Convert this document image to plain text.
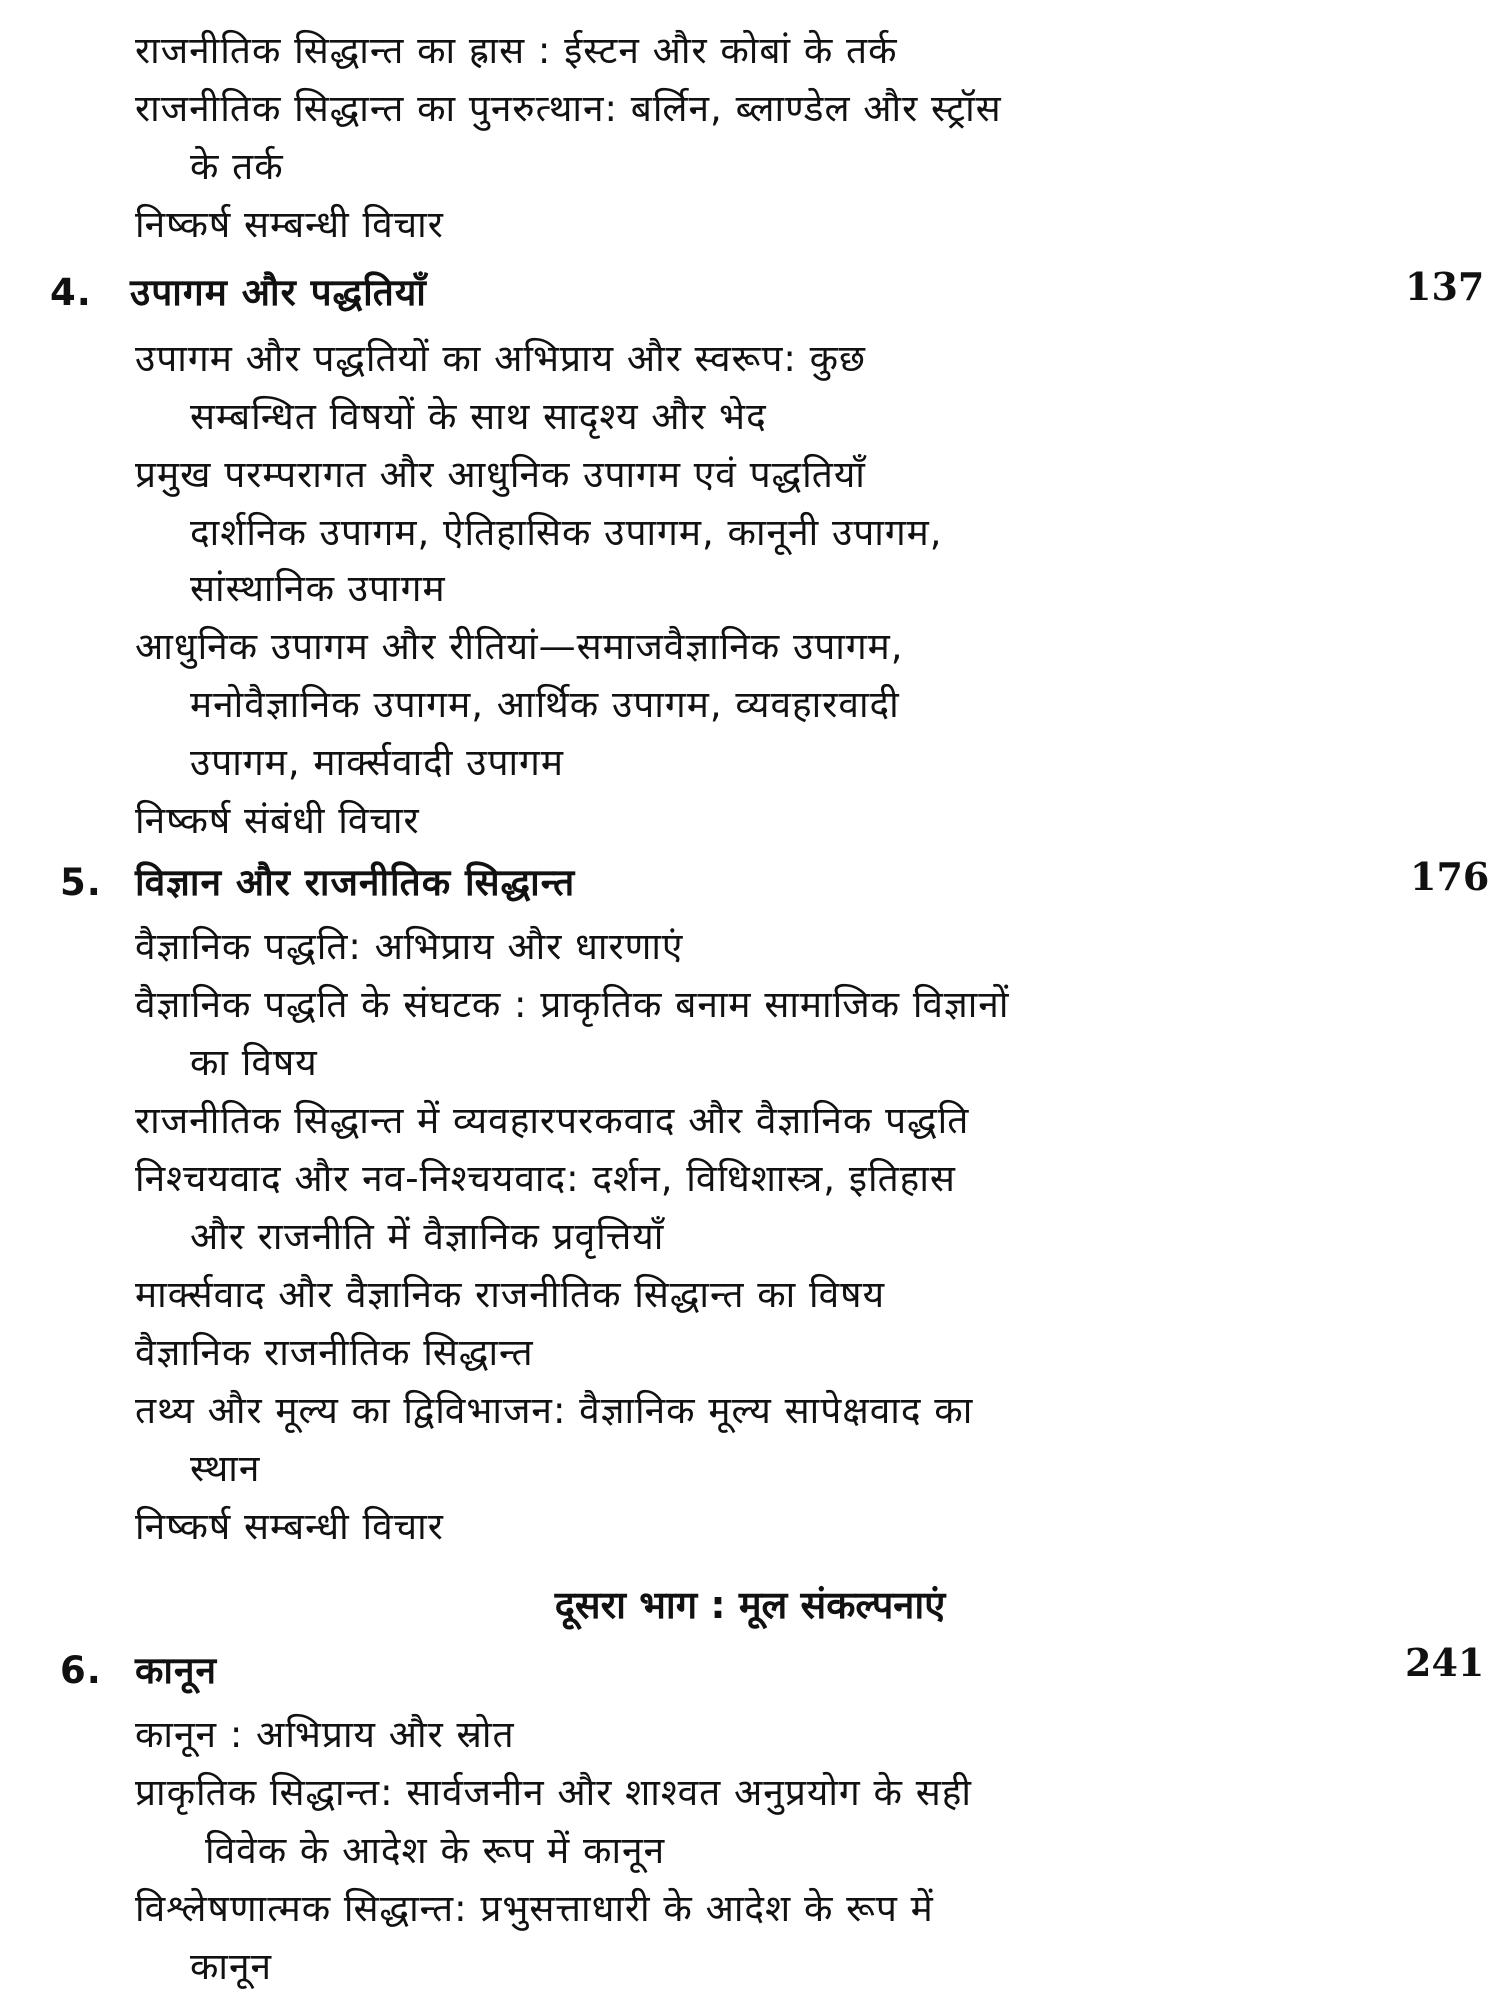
राजनीतिक सिद्धान्त का ह्रास : ईस्टन और कोबां के तर्क
राजनीतिक सिद्धान्त का पुनरुत्थान: बर्लिन, ब्लाण्डेल और स्ट्रॉस
के तर्क
निष्कर्ष सम्बन्धी विचार
4. उपागम और पद्धतियाँ	137
उपागम और पद्धतियों का अभिप्राय और स्वरूप: कुछ
सम्बन्धित विषयों के साथ सादृश्य और भेद
प्रमुख परम्परागत और आधुनिक उपागम एवं पद्धतियाँ
दार्शनिक उपागम, ऐतिहासिक उपागम, कानूनी उपागम,
सांस्थानिक उपागम
आधुनिक उपागम और रीतियां—समाजवैज्ञानिक उपागम,
मनोवैज्ञानिक उपागम, आर्थिक उपागम, व्यवहारवादी
उपागम, मार्क्सवादी उपागम
निष्कर्ष संबंधी विचार
5. विज्ञान और राजनीतिक सिद्धान्त	176
वैज्ञानिक पद्धति: अभिप्राय और धारणाएं
वैज्ञानिक पद्धति के संघटक : प्राकृतिक बनाम सामाजिक विज्ञानों
का विषय
राजनीतिक सिद्धान्त में व्यवहारपरकवाद और वैज्ञानिक पद्धति
निश्चयवाद और नव-निश्चयवाद: दर्शन, विधिशास्त्र, इतिहास
और राजनीति में वैज्ञानिक प्रवृत्तियाँ
मार्क्सवाद और वैज्ञानिक राजनीतिक सिद्धान्त का विषय
वैज्ञानिक राजनीतिक सिद्धान्त
तथ्य और मूल्य का द्विविभाजन: वैज्ञानिक मूल्य सापेक्षवाद का
स्थान
निष्कर्ष सम्बन्धी विचार
दूसरा भाग : मूल संकल्पनाएं
6. कानून	241
कानून : अभिप्राय और स्रोत
प्राकृतिक सिद्धान्त: सार्वजनीन और शाश्वत अनुप्रयोग के सही
विवेक के आदेश के रूप में कानून
विश्लेषणात्मक सिद्धान्त: प्रभुसत्ताधारी के आदेश के रूप में
कानून
